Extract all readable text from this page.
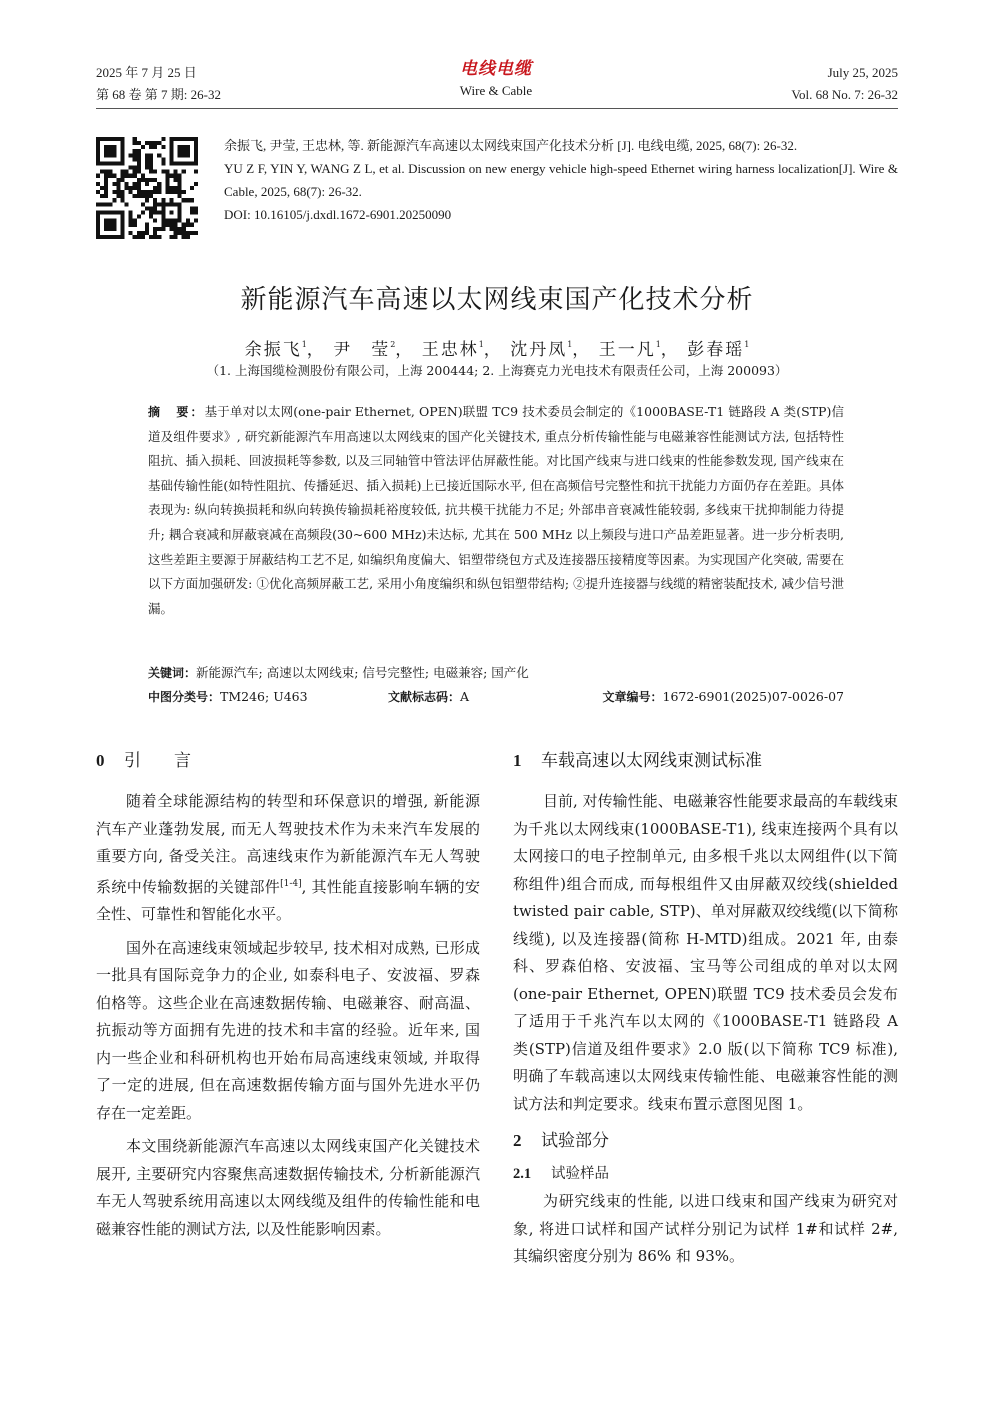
2025 年 7 月 25 日
第 68 卷 第 7 期: 26-32
电线电缆
Wire & Cable
July 25, 2025
Vol. 68 No. 7: 26-32

余振飞, 尹莹, 王忠林, 等. 新能源汽车高速以太网线束国产化技术分析 [J]. 电线电缆, 2025, 68(7): 26-32.

YU Z F, YIN Y, WANG Z L, et al. Discussion on new energy vehicle high-speed Ethernet wiring harness localization[J]. Wire & Cable, 2025, 68(7): 26-32.

DOI: 10.16105/j.dxdl.1672-6901.20250090

新能源汽车高速以太网线束国产化技术分析
余振飞$^1$， 尹　莹$^2$， 王忠林$^1$， 沈丹凤$^1$， 王一凡$^1$， 彭春瑶$^1$
（1. 上海国缆检测股份有限公司，上海 200444; 2. 上海赛克力光电技术有限责任公司，上海 200093）
摘　要：基于单对以太网(one-pair Ethernet, OPEN)联盟 TC9 技术委员会制定的《1000BASE-T1 链路段 A 类(STP)信道及组件要求》, 研究新能源汽车用高速以太网线束的国产化关键技术, 重点分析传输性能与电磁兼容性能测试方法, 包括特性阻抗、插入损耗、回波损耗等参数, 以及三同轴管中管法评估屏蔽性能。对比国产线束与进口线束的性能参数发现, 国产线束在基础传输性能(如特性阻抗、传播延迟、插入损耗)上已接近国际水平, 但在高频信号完整性和抗干扰能力方面仍存在差距。具体表现为: 纵向转换损耗和纵向转换传输损耗裕度较低, 抗共模干扰能力不足; 外部串音衰减性能较弱, 多线束干扰抑制能力待提升; 耦合衰减和屏蔽衰减在高频段(30~600 MHz)未达标, 尤其在 500 MHz 以上频段与进口产品差距显著。进一步分析表明, 这些差距主要源于屏蔽结构工艺不足, 如编织角度偏大、铝塑带绕包方式及连接器压接精度等因素。为实现国产化突破, 需要在以下方面加强研发: ①优化高频屏蔽工艺, 采用小角度编织和纵包铝塑带结构; ②提升连接器与线缆的精密装配技术, 减少信号泄漏。
关键词：新能源汽车; 高速以太网线束; 信号完整性; 电磁兼容; 国产化
中图分类号：TM246; U463	文献标志码：A	文章编号：1672-6901(2025)07-0026-07
0 引　言

随着全球能源结构的转型和环保意识的增强, 新能源汽车产业蓬勃发展, 而无人驾驶技术作为未来汽车发展的重要方向, 备受关注。高速线束作为新能源汽车无人驾驶系统中传输数据的关键部件[1-4], 其性能直接影响车辆的安全性、可靠性和智能化水平。

国外在高速线束领域起步较早, 技术相对成熟, 已形成一批具有国际竞争力的企业, 如泰科电子、安波福、罗森伯格等。这些企业在高速数据传输、电磁兼容、耐高温、抗振动等方面拥有先进的技术和丰富的经验。近年来, 国内一些企业和科研机构也开始布局高速线束领域, 并取得了一定的进展, 但在高速数据传输方面与国外先进水平仍存在一定差距。

本文围绕新能源汽车高速以太网线束国产化关键技术展开, 主要研究内容聚焦高速数据传输技术, 分析新能源汽车无人驾驶系统用高速以太网线缆及组件的传输性能和电磁兼容性能的测试方法, 以及性能影响因素。

1 车载高速以太网线束测试标准

目前, 对传输性能、电磁兼容性能要求最高的车载线束为千兆以太网线束(1000BASE-T1), 线束连接两个具有以太网接口的电子控制单元, 由多根千兆以太网组件(以下简称组件)组合而成, 而每根组件又由屏蔽双绞线(shielded twisted pair cable, STP)、单对屏蔽双绞线缆(以下简称线缆), 以及连接器(简称 H-MTD)组成。2021 年, 由泰科、罗森伯格、安波福、宝马等公司组成的单对以太网(one-pair Ethernet, OPEN)联盟 TC9 技术委员会发布了适用于千兆汽车以太网的《1000BASE-T1 链路段 A 类(STP)信道及组件要求》2.0 版(以下简称 TC9 标准), 明确了车载高速以太网线束传输性能、电磁兼容性能的测试方法和判定要求。线束布置示意图见图 1。

2 试验部分
2.1 试验样品

为研究线束的性能, 以进口线束和国产线束为研究对象, 将进口试样和国产试样分别记为试样 1#和试样 2#, 其编织密度分别为 86% 和 93%。
